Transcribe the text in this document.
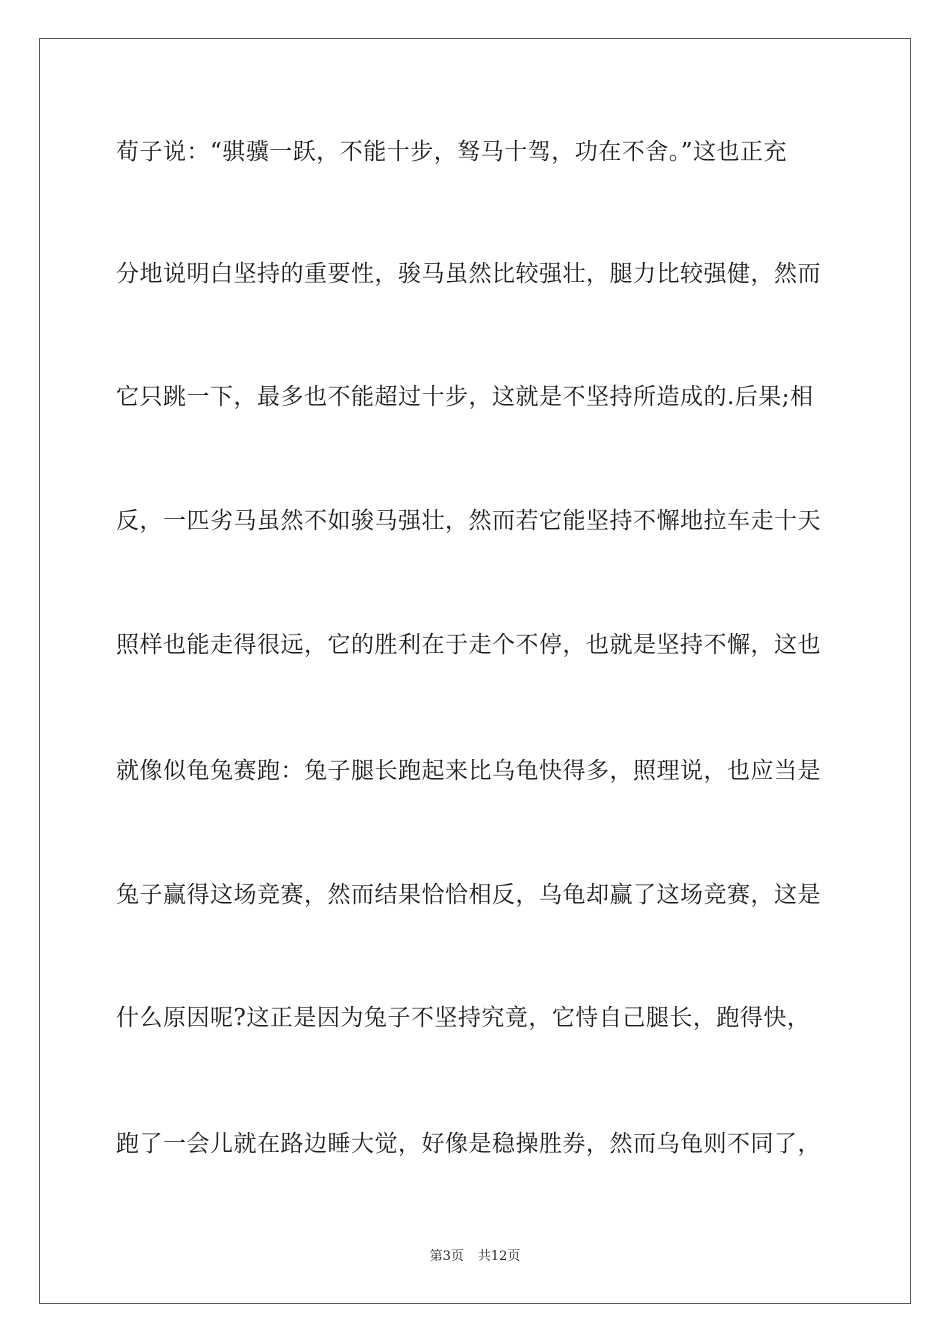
荀子说：“骐骥一跃，不能十步，驽马十驾，功在不舍。”这也正充
分地说明白坚持的重要性，骏马虽然比较强壮，腿力比较强健，然而
它只跳一下，最多也不能超过十步，这就是不坚持所造成的.后果;相
反，一匹劣马虽然不如骏马强壮，然而若它能坚持不懈地拉车走十天
照样也能走得很远，它的胜利在于走个不停，也就是坚持不懈，这也
就像似龟兔赛跑：兔子腿长跑起来比乌龟快得多，照理说，也应当是
兔子赢得这场竞赛，然而结果恰恰相反，乌龟却赢了这场竞赛，这是
什么原因呢?这正是因为兔子不坚持究竟，它恃自己腿长，跑得快，
跑了一会儿就在路边睡大觉，好像是稳操胜券，然而乌龟则不同了，
第3页 共12页
